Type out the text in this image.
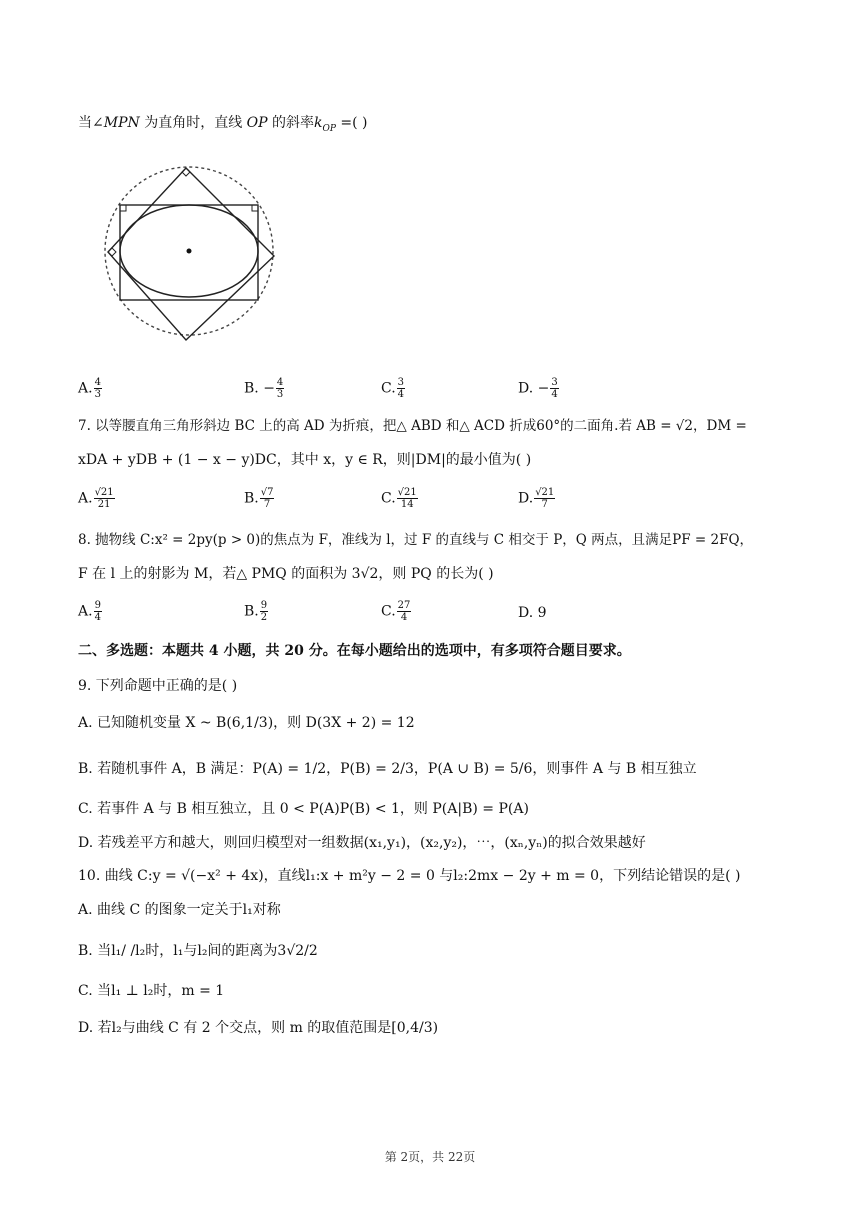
当∠MPN 为直角时，直线 OP 的斜率$k_{OP}$ =( )
A. $\frac{4}{3}$	B. − $\frac{4}{3}$	C. $\frac{3}{4}$	D. − $\frac{3}{4}$
7. 以等腰直角三角形斜边 BC 上的高 AD 为折痕，把△ ABD 和△ ACD 折成60°的二面角.若 AB = √2，DM =
xDA + yDB + (1 − x − y)DC，其中 x，y ∈ R，则|DM|的最小值为( )
A. $\frac{√21}{21}$	B. $\frac{√7}{7}$	C. $\frac{√21}{14}$	D. $\frac{√21}{7}$
8. 抛物线 C:x² = 2py(p > 0)的焦点为 F，准线为 l，过 F 的直线与 C 相交于 P，Q 两点，且满足PF = 2FQ，
F 在 l 上的射影为 M，若△ PMQ 的面积为 3√2，则 PQ 的长为( )
A. $\frac{9}{4}$	B. $\frac{9}{2}$	C. $\frac{27}{4}$	D. 9
二、多选题：本题共 4 小题，共 20 分。在每小题给出的选项中，有多项符合题目要求。
9. 下列命题中正确的是( )
A. 已知随机变量 X ~ B(6,1/3)，则 D(3X + 2) = 12
B. 若随机事件 A，B 满足：P(A) = 1/2，P(B) = 2/3，P(A ∪ B) = 5/6，则事件 A 与 B 相互独立
C. 若事件 A 与 B 相互独立，且 0 < P(A)P(B) < 1，则 P(A|B) = P(A)
D. 若残差平方和越大，则回归模型对一组数据(x₁,y₁)，(x₂,y₂)，⋯，(xₙ,yₙ)的拟合效果越好
10. 曲线 C:y = √(−x² + 4x)，直线l₁:x + m²y − 2 = 0 与l₂:2mx − 2y + m = 0，下列结论错误的是( )
A. 曲线 C 的图象一定关于l₁对称
B. 当l₁/ /l₂时，l₁与l₂间的距离为3√2/2
C. 当l₁ ⊥ l₂时，m = 1
D. 若l₂与曲线 C 有 2 个交点，则 m 的取值范围是[0,4/3)
第 2页，共 22页
